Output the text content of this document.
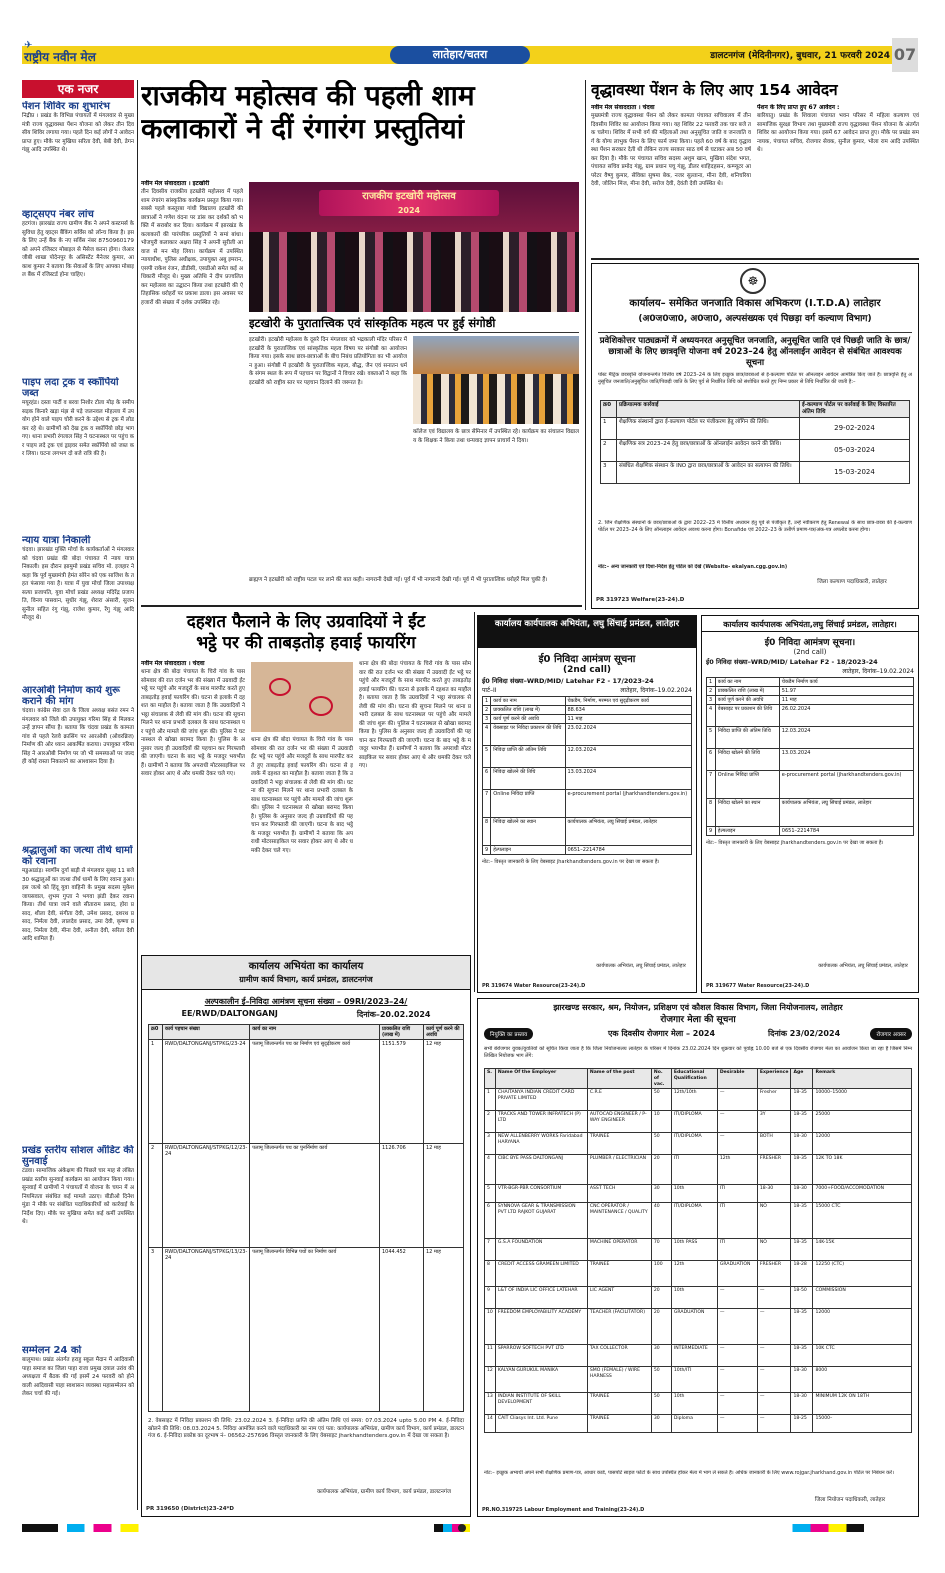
✈
राष्ट्रीय नवीन मेल	लातेहार/चतरा	डालटनगंज (मेदिनीनगर), बुधवार, 21 फरवरी 2024 07
एक नजर
पेंशन शिविर का शुभारंभ
निद्रीप्र । प्रखंड के विभिन्न पंचायतों में मंगलवार से मुख्यमंत्री राज्य वृद्धावस्था पेंशन योजना को लेकर तीन दिवसीय शिविर लगाया गया। पहले दिन कई लोगों ने आवेदन प्राप्त हुए। मौके पर मुखिया सरिता देवी, बेबी देवी, डेगन गंझू आदि उपस्थित थे।
व्हाट्सएप नंबर लांच
हटगंज। झारखंड राज्य ग्रामीण बैंक ने अपने कस्टमर्स के सुविधा हेतु व्हाट्स बैंकिंग सर्विस को लॉन्च किया है। इसके लिए उन्हें बैंक के नए सर्विस नंबर 8750960179 को अपने रजिस्टर मोबाइल से मैसेज करना होगा। जेआरजीबी शाखा पोदेनपुर के असिस्टेंट मैनेजर कुमार, आकाश कुमार ने बताया कि सेवाओं के लिए आपका मोबाइल बैंक में रजिस्टर्ड होना चाहिए।
पाइप लदा ट्रक व स्कॉर्पियो जब्त
मयूरहंड। दस्ता पार्टी व बरवा निशोर टोला मोड़ के समीप सड़क किनारे खड़ा मंझ से पड़े जलनवल मोहल्ला में उपयोग होने वाले पाइप चोरी करने के उद्देश्य से ट्रक में लोड कर रहे थे। ग्रामीणों को देख ट्रक व स्कॉर्पियो छोड़ भाग गए। थाना प्रभारी रंगलाल सिंह ने घटनास्थल पर पहुंच कर पाइप लदे ट्रक एवं ड्राइवर समेत स्कॉर्पियो को जब्त कर लिया। घटना लगभग दो बजे रात्रि की है।
न्याय यात्रा निकाली
चंदवा। झारखंड मुक्ति मोर्चा के कार्यकर्ताओं ने मंगलवार को चंदवा प्रखंड की बोदा पंचायत में न्याय यात्रा निकाली। इस दौरान झामुमो प्रखंड सचिव मो. इजहार ने कहा कि पूर्व मुख्यमंत्री हेमंत सोरेन को एक साजिश के तहत फंसाया गया है। यात्रा में युवा मोर्चा जिला उपाध्यक्ष सत्या प्रजापति, युवा मोर्चा प्रखंड अध्यक्ष मदिरेंद्र प्रजापति, विनय पासवान, सुधीर गंझू, शेरारा अंसारी, सुजन सुनील सहित रंगु गंझू, राजेश कुमार, रेंगु गंझू आदि मौजूद थे।
आरओबी निर्माण कार्य शुरू कराने की मांग
चंदवा। कांग्रेस सेवा दल के जिला अध्यक्ष बसंत रमन ने मंगलवार को जिले की उपायुक्त गरिमा सिंह से मिलकर उन्हें ज्ञापन सौंपा है। बताया कि चंदवा प्रखंड के कामता गांव से पहले रेलवे क्रासिंग पर आरओबी (ओवरब्रिज) निर्माण की ओर ध्यान आकर्षित कराया। उपायुक्त गरिमा सिंह ने आरओबी निर्माण पर जो भी समस्याओं पर जल्द ही कोई रास्ता निकालने का आश्वासन दिया है।
श्रद्धालुओं का जत्था तीर्थ धामों को रवाना
मडुआडांड़। स्वर्णीम दुर्गा बाड़ी से मंगलवार सुबह 11 बजे 30 श्रद्धालुओं का जत्था तीर्थ धामों के लिए रवाना हुआ। इस जत्थे को हिंदू युवा वाहिनी के प्रमुख सदस्य मुकेश जायसवाल, शुभम गुप्ता ने भगवा झंडी देकर रवाना किया। तीर्थ यात्रा जाने वाले सीताराम प्रसाद, होरा प्रसाद, शीला देवी, संगीता देवी, उमेश प्रसाद, दशरथ प्रसाद, निर्मला देवी, लालदेव प्रसाद, उमा देवी, कृष्णा प्रसाद, निर्मला देवी, मीना देवी, अनीता देवी, सरिता देवी आदि शामिल हैं।
प्रखंड स्तरीय सोशल ऑडिट की सुनवाई
टंडवा। सामाजिक अंकेक्षण की पिछले चार माह से लंबित प्रखंड स्तरीय सुनवाई कार्यक्रम का आयोजन किया गया। सुनवाई में ग्रामीणों ने पंचायतों में योजना के चयन में अनियमितता संबंधित कई मामले उठाए। बीडीओ दिनेश मुंडा ने मौके पर संबंधित पदाधिकारियों को कार्रवाई के निर्देश दिए। मौके पर मुखिया समेत कई कर्मी उपस्थित थे।
सम्मेलन 24 को
बालूमाथ। प्रखंड अंतर्गत हराहु स्कूल मैदान में आदिवासी पाहा समाज का जिला पाहा राजा प्रमुख दयाल उरांव की अध्यक्षता में बैठक की गई इसमें 24 फरवरी को होने वाली आदिवासी पाहा स्वशासन व्यवस्था महासम्मेलन को लेकर चर्चा की गई।
राजकीय महोत्सव की पहली शाम
कलाकारों ने दीं रंगारंग प्रस्तुतियां
नवीन मेल संवाददाता । इटखोरी
तीन दिवसीय राजकीय इटखोरी महोत्सव में पहले शाम रंगारंग सांस्कृतिक कार्यक्रम प्रस्तुत किया गया। सबसे पहले कस्तूरबा गांधी विद्यालय इटखोरी की छात्राओं ने गणेश वंदना पर डांस कर दर्शकों को भक्ति में सराबोर कर दिया। कार्यक्रम में झारखंड के कलाकारों की पारंपरिक प्रस्तुतियों ने समां बांधा। भोजपुरी कलाकार अक्षरा सिंह ने अपनी सुरीली आवाज से मन मोह लिया। कार्यक्रम में उपस्थित न्यायाधीश, पुलिस अधीक्षक, उपायुक्त अबु इमरान, एसपी राकेश रंजन, डीडीसी, एसडीओ समेत कई अधिकारी मौजूद थे। मुख्य अतिथि ने दीप प्रज्वलित कर महोत्सव का उद्घाटन किया तथा इटखोरी की ऐतिहासिक धरोहरों पर प्रकाश डाला। इस अवसर पर हजारों की संख्या में दर्शक उपस्थित रहे।
राजकीय इटखोरी महोत्सव
2024
इटखोरी के पुरातात्त्विक एवं सांस्कृतिक महत्व पर हुई संगोष्ठी
इटखोरी। इटखोरी महोत्सव के दूसरे दिन मंगलवार को भद्रकाली मंदिर परिसर में इटखोरी के पुरातात्त्विक एवं सांस्कृतिक महत्व विषय पर संगोष्ठी का आयोजन किया गया। इसके साथ छात्र-छात्राओं के बीच निबंध प्रतियोगिता का भी आयोजन हुआ। संगोष्ठी में इटखोरी के पुरातात्त्विक महत्व, बौद्ध, जैन एवं सनातन धर्म के संगम स्थल के रूप में पहचान पर विद्वानों ने विचार रखे। वक्ताओं ने कहा कि इटखोरी को राष्ट्रीय स्तर पर पहचान दिलाने की जरूरत है।
कॉलेज एवं विद्यालय के छात्र सेमिनार में उपस्थित रहे। कार्यक्रम का संचालन विद्यालय के शिक्षक ने किया तथा धन्यवाद ज्ञापन प्राचार्य ने दिया।
ब्राह्मण ने इटखोरी को राष्ट्रीय पटल पर लाने की बात कही। नागरानी देखी गई। पूर्व में भी नागरानी देखी गई। पूर्व में भी पुरातात्विक धरोहरें मिल चुकी हैं।
वृद्धावस्था पेंशन के लिए आए 154 आवेदन
नवीन मेल संवाददाता । चंदवा
मुख्यमंत्री राज्य वृद्धावस्था पेंशन को लेकर कामता पंचायत सचिवालय में तीन दिवसीय शिविर का आयोजन किया गया। यह शिविर 22 फरवरी तक चार बजे तक चलेगा। शिविर में सभी वर्ग की महिलाओं तथा अनुसूचित जाति व जनजाति वर्ग के योग्य लाभुक पेंशन के लिए फार्म जमा किया। पहले 60 वर्ष के बाद वृद्धावस्था पेंशन सरकार देती थी लेकिन राज्य सरकार साठ वर्ष से घटाकर अब 50 वर्ष कर दिया है। मौके पर पंचायत सचिव सदस्य अशुम खान, मुखिया संदेश भगत, पंचायत सचिव प्रमोद गंझू, ग्राम प्रधान पचु गंझू, डीलर शाहिदहसन, कम्प्यूटर आपरेटर वैष्णु कुमार, सेविका सुषमा बेक, नजर सुल्ताना, मीना देवी, शनिचरिया देवी, जोलिन मिंज, मीना देवी, सरोज देवी, देवंती देवी उपस्थित थे।
पेंशन के लिए प्राप्त हुए 67 आवेदन :
बारियातु। प्रखंड के शिवाला पंचायत भवन परिसर में महिला कल्याण एवं सामाजिक सुरक्षा विभाग तथा मुख्यमंत्री राज्य वृद्धावस्था पेंशन योजना के अंतर्गत शिविर का आयोजन किया गया। इसमें 67 आवेदन प्राप्त हुए। मौके पर प्रखंड समन्वयक, पंचायत सचिव, रोजगार सेवक, सुनील कुमार, भोला राम आदि उपस्थित थे।
☸
कार्यालय– समेकित जनजाति विकास अभिकरण (I.T.D.A) लातेहार
(अ0ज0जा0, अ0जा0, अल्पसंख्यक एवं पिछड़ा वर्ग कल्याण विभाग)
प्रवेशिकोत्तर पाठ्यक्रमों में अध्ययनरत अनुसूचित जनजाति, अनुसूचित जाति एवं पिछड़ी जाति के छात्र/छात्राओं के लिए छात्रवृत्ति योजना वर्ष 2023–24 हेतु ऑनलाईन आवेदन से संबंधित आवश्यक सूचना
पोस्ट मैट्रिक छात्रवृत्ति योजनान्तर्गत वित्तीय वर्ष 2023–24 के लिए इच्छुक छात्र/छात्राओं से ई-कल्याण पोर्टल पर ऑनलाइन आवेदन आमंत्रित किए जाते हैं। छात्रवृत्ति हेतु अनुसूचित जनजाति/अनुसूचित जाति/पिछड़ी जाति के लिए पूर्व से निर्धारित तिथि को संशोधित करते हुए निम्न प्रकार से तिथि निर्धारित की जाती है:–
क्र0	प्रक्रियात्मक कार्रवाई	ई-कल्याण पोर्टल पर कार्रवाई के लिए विस्तारित अंतिम तिथि
1	शैक्षणिक संस्थानों द्वारा ई-कल्याण पोर्टल पर पंजीकरण हेतु लॉगिन की तिथि।	29-02-2024
2	शैक्षणिक सत्र 2023–24 हेतु छात्र/छात्राओं के ऑनलाईन आवेदन करने की तिथि।	05-03-2024
3	संबंधित शैक्षणिक संस्थान के INO द्वारा छात्र/छात्राओं के आवेदन का सत्यापन की तिथि।	15-03-2024
2. जिन शैक्षणिक संस्थानों के छात्र/छात्राओं के द्वारा 2022–23 में वित्तीय अध्ययन हेतु पूर्व से पंजीकृत हैं, उन्हें नवीकरण हेतु Renewal के साथ छात्र-छात्रा की ई-कल्याण पोर्टल पर 2023–24 के लिए ऑनलाइन आवेदन अवश्य करना होगा। Bonafide एवं 2022–23 के उत्तीर्ण प्रमाण-पत्र/अंक-पत्र अपलोड करना होगा।
नोट:– अन्य जानकारी एवं दिशा-निर्देश हेतु पोर्टल को देखें (Website- ekalyan.cgg.gov.in)
जिला कल्याण पदाधिकारी, लातेहार
PR 319723 Welfare(23-24).D
दहशत फैलाने के लिए उग्रवादियों ने ईंट
भट्ठे पर की ताबड़तोड़ हवाई फायरिंग
नवीन मेल संवाददाता । चंदवा
थाना क्षेत्र की बोदा पंचायत के चिरो गांव के पास सोमवार की रात दर्जन भर की संख्या में उग्रवादी ईंट भट्ठे पर पहुंचे और मजदूरों के साथ मारपीट करते हुए ताबड़तोड़ हवाई फायरिंग की। घटना से इलाके में दहशत का माहौल है। बताया जाता है कि उग्रवादियों ने भट्ठा संचालक से लेवी की मांग की। घटना की सूचना मिलने पर थाना प्रभारी दलबल के साथ घटनास्थल पर पहुंचे और मामले की जांच शुरू की। पुलिस ने घटनास्थल से खोखा बरामद किया है। पुलिस के अनुसार जल्द ही उग्रवादियों की पहचान कर गिरफ्तारी की जाएगी। घटना के बाद भट्ठे के मजदूर भयभीत हैं। ग्रामीणों ने बताया कि अपराधी मोटरसाइकिल पर सवार होकर आए थे और धमकी देकर चले गए।
थाना क्षेत्र की बोदा पंचायत के चिरो गांव के पास सोमवार की रात दर्जन भर की संख्या में उग्रवादी ईंट भट्ठे पर पहुंचे और मजदूरों के साथ मारपीट करते हुए ताबड़तोड़ हवाई फायरिंग की। घटना से इलाके में दहशत का माहौल है। बताया जाता है कि उग्रवादियों ने भट्ठा संचालक से लेवी की मांग की। घटना की सूचना मिलने पर थाना प्रभारी दलबल के साथ घटनास्थल पर पहुंचे और मामले की जांच शुरू की। पुलिस ने घटनास्थल से खोखा बरामद किया है। पुलिस के अनुसार जल्द ही उग्रवादियों की पहचान कर गिरफ्तारी की जाएगी। घटना के बाद भट्ठे के मजदूर भयभीत हैं। ग्रामीणों ने बताया कि अपराधी मोटरसाइकिल पर सवार होकर आए थे और धमकी देकर चले गए।
थाना क्षेत्र की बोदा पंचायत के चिरो गांव के पास सोमवार की रात दर्जन भर की संख्या में उग्रवादी ईंट भट्ठे पर पहुंचे और मजदूरों के साथ मारपीट करते हुए ताबड़तोड़ हवाई फायरिंग की। घटना से इलाके में दहशत का माहौल है। बताया जाता है कि उग्रवादियों ने भट्ठा संचालक से लेवी की मांग की। घटना की सूचना मिलने पर थाना प्रभारी दलबल के साथ घटनास्थल पर पहुंचे और मामले की जांच शुरू की। पुलिस ने घटनास्थल से खोखा बरामद किया है। पुलिस के अनुसार जल्द ही उग्रवादियों की पहचान कर गिरफ्तारी की जाएगी। घटना के बाद भट्ठे के मजदूर भयभीत हैं। ग्रामीणों ने बताया कि अपराधी मोटरसाइकिल पर सवार होकर आए थे और धमकी देकर चले गए।
कार्यालय कार्यपालक अभियंता, लघु सिंचाई प्रमंडल, लातेहार
ई0 निविदा आमंत्रण सूचना
(2nd call)
ई0 निविदा संख्या–WRD/MID/ Latehar F2 - 17/2023-24
पार्ट–II	लातेहार, दिनांक–19.02.2024
1	कार्य का नाम	चेकडैम, निर्माण, मरम्मत एवं सुदृढ़ीकरण कार्य
2	प्राक्कलित राशि (लाख में)	88.634
3	कार्य पूर्ण करने की अवधि	11 माह
4	वेबसाइट पर निविदा प्रकाशन की तिथि	23.02.2024
5	निविदा प्राप्ति की अंतिम तिथि	12.03.2024
6	निविदा खोलने की तिथि	13.03.2024
7	Online निविदा प्राप्ति	e-procurement portal (jharkhandtenders.gov.in)
8	निविदा खोलने का स्थान	कार्यपालक अभियंता, लघु सिंचाई प्रमंडल, लातेहार
9	हेल्पलाइन	0651–2214784
नोट:– विस्तृत जानकारी के लिए वेबसाइट jharkhandtenders.gov.in पर देखा जा सकता है।
कार्यपालक अभियंता, लघु सिंचाई प्रमंडल, लातेहार
PR 319674 Water Resource(23-24).D
कार्यालय कार्यपालक अभियंता,लघु सिंचाई प्रमंडल, लातेहार।
ई0 निविदा आमंत्रण सूचना।
(2nd call)
ई0 निविदा संख्या–WRD/MID/ Latehar F2 - 18/2023-24
लातेहार, दिनांक–19.02.2024
1	कार्य का नाम	चेकडैम निर्माण कार्य
2	प्राक्कलित राशि (लाख में)	51.97
3	कार्य पूर्ण करने की अवधि	11 माह
4	वेबसाइट पर प्रकाशन की तिथि	26.02.2024
5	निविदा प्राप्ति की अंतिम तिथि	12.03.2024
6	निविदा खोलने की तिथि	13.03.2024
7	Online निविदा प्राप्ति	e-procurement portal (jharkhandtenders.gov.in)
8	निविदा खोलने का स्थान	कार्यपालक अभियंता, लघु सिंचाई प्रमंडल, लातेहार
9	हेल्पलाइन	0651–2214784
नोट:– विस्तृत जानकारी के लिए वेबसाइट jharkhandtenders.gov.in पर देखा जा सकता है।
कार्यपालक अभियंता, लघु सिंचाई प्रमंडल, लातेहार
PR 319677 Water Resource(23-24).D
कार्यालय अभियंता का कार्यालय
ग्रामीण कार्य विभाग, कार्य प्रमंडल, डालटनगंज
अल्पकालीन ई–निविदा आमंत्रण सूचना संख्या – 09RI/2023–24/
EE/RWD/DALTONGANJ	दिनांक–20.02.2024
क्र0	कार्य पहचान संख्या	कार्य का नाम	प्राक्कलित राशि (लाख में)	कार्य पूर्ण करने की अवधि
1	RWD/DALTONGANJ/STPKG/23-24	पलामू जिलान्तर्गत पथ का निर्माण एवं सुदृढ़ीकरण कार्य	1151.579	12 माह
2	RWD/DALTONGANJ/STPKG/12/23-24	पलामू जिलान्तर्गत पथ का पुनर्निर्माण कार्य	1126.706	12 माह
3	RWD/DALTONGANJ/STPKG/13/23-24	पलामू जिलान्तर्गत विभिन्न पथों का निर्माण कार्य	1044.452	12 माह
2. वेबसाइट में निविदा प्रकाशन की तिथि: 23.02.2024 3. ई-निविदा प्राप्ति की अंतिम तिथि एवं समय: 07.03.2024 upto 5.00 PM 4. ई-निविदा खोलने की तिथि: 08.03.2024 5. निविदा आमंत्रित करने वाले पदाधिकारी का नाम एवं पता: कार्यपालक अभियंता, ग्रामीण कार्य विभाग, कार्य प्रमंडल, डालटनगंज 6. ई-निविदा प्रकोष्ठ का दूरभाष नं– 06562-257696 विस्तृत जानकारी के लिए वेबसाइट jharkhandtenders.gov.in में देखा जा सकता है।
कार्यपालक अभियंता, ग्रामीण कार्य विभाग, कार्य प्रमंडल, डालटनगंज
PR 319650 (District)23-24*D
झारखण्ड सरकार, श्रम, नियोजन, प्रशिक्षण एवं कौशल विकास विभाग, जिला नियोजनालय, लातेहार
रोजगार मेला की सूचना
नियुक्ति का प्रस्ताव	एक दिवसीय रोजगार मेला – 2024	दिनांक 23/02/2024	रोजगार अवसर
सभी बेरोजगार युवक/युवतियों को सूचित किया जाता है कि जिला नियोजनालय लातेहार के परिसर में दिनांक 23.02.2024 दिन शुक्रवार को पूर्वाह्न 10.00 बजे से एक दिवसीय रोजगार मेला का आयोजन किया जा रहा है जिसमें निम्नलिखित नियोजक भाग लेंगे:
S.	Name Of the Employer	Name of the post	No. of vac.	Educational Qualification	Desirable	Experience	Age	Remark
1	CHAITANYA INDIAN CREDIT CARD PRIVATE LIMITED	C.R.E	50	12th/10th	—	Fresher	18-35	10000–15000
2	TRACKS AND TOWER INFRATECH (P) LTD	AUTOCAD ENGINEER / P-WAY ENGINEER	10	ITI/DIPLOMA	—	3Y	18-35	25000
3	NEW ALLENBERRY WORKS Faridabad HARYANA	TRAINEE	50	ITI/DIPLOMA	—	BOTH	18-30	12000
4	CIBC BYE PASS DALTONGANJ	PLUMBER / ELECTRICIAN	20	ITI	12th	FRESHER	18-35	12K TO 18K
5	VTR-BGR-PBR CONSORTIUM	ASST TECH	30	10th	ITI	18-30	18-30	7000+FOOD/ACCOMODATION
6	SYNNOVA GEAR & TRANSMISSION PVT LTD RAJKOT GUJARAT	CNC OPERATOR / MAINTENANCE / QUALITY	40	ITI/DIPLOMA	ITI	NO	18-35	15000 CTC
7	G.S.A FOUNDATION	MACHINE OPERATOR	70	10th PASS	ITI	NO	18-35	14K-15K
8	CREDIT ACCESS GRAMEEN LIMITED	TRAINEE	100	12th	GRADUATION	FRESHER	18-28	12250 (CTC)
9	L&T OF INDIA LIC OFFICE LATEHAR	LIC AGENT	20	10th	—	—	18-50	COMMISSION
10	FREEDOM EMPLOYABILITY ACADEMY	TEACHER (FACILITATOR)	20	GRADUATION	—	—	18-35	12000
11	SPARROW SOFTECH PVT LTD	TAX COLLECTOR	30	INTERMEDIATE	—	—	18-35	10K CTC
12	KALYAN GURUKUL MANIKA	SMO (FEMALE) / WIRE HARNESS	50	10th/ITI	—	—	18-30	8000
13	INDIAN INSTITUTE OF SKILL DEVELOPMENT	TRAINEE	50	10th	—	—	18-30	MINIMUM 12K ON 18TH
14	CAIT Cliasys Int. Ltd. Pune	TRAINEE	30	Diploma	—	—	18-25	15000–
नोट:– इच्छुक अभ्यर्थी अपने सभी शैक्षणिक प्रमाण-पत्र, आधार कार्ड, पासपोर्ट साइज फोटो के साथ उपस्थित होकर मेला में भाग ले सकते हैं। अधिक जानकारी के लिए www.rojgar.jharkhand.gov.in पोर्टल पर निबंधन करें।
जिला नियोजन पदाधिकारी, लातेहार
PR.NO.319725 Labour Employment and Training(23-24).D
